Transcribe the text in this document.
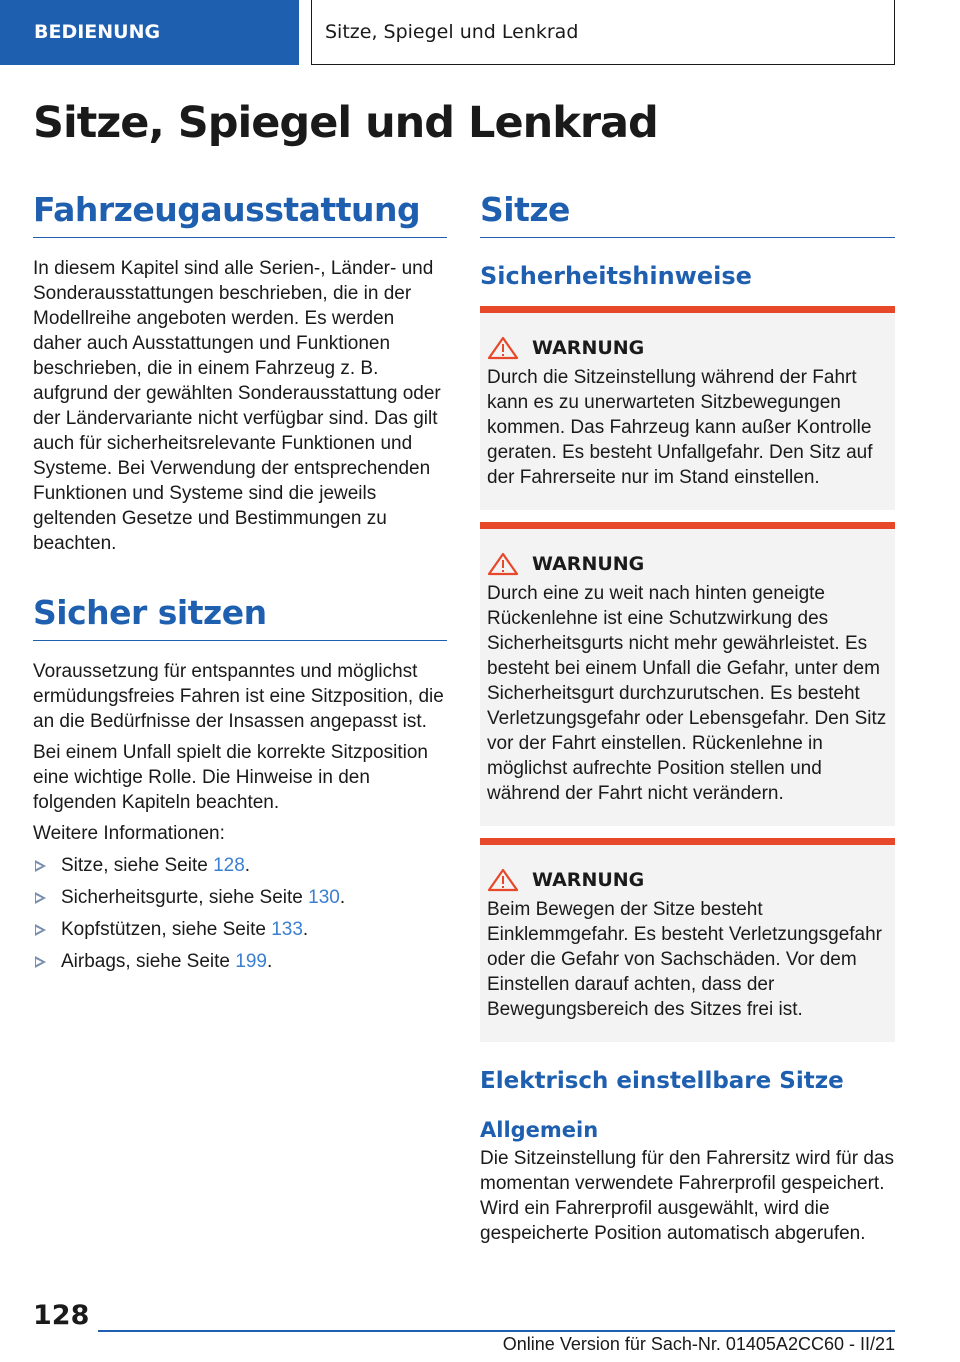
BEDIENUNG	Sitze, Spiegel und Lenkrad
Sitze, Spiegel und Lenkrad
Fahrzeugausstattung

In diesem Kapitel sind alle Serien-, Länder- und Sonderausstattungen beschrieben, die in der Modellreihe angeboten werden. Es werden daher auch Ausstattungen und Funktionen beschrieben, die in einem Fahrzeug z. B. aufgrund der gewählten Sonderausstattung oder der Ländervariante nicht verfügbar sind. Das gilt auch für sicherheitsrelevante Funktionen und Systeme. Bei Verwendung der entsprechenden Funktionen und Systeme sind die jeweils geltenden Gesetze und Bestimmungen zu beachten.

Sicher sitzen

Voraussetzung für entspanntes und möglichst ermüdungsfreies Fahren ist eine Sitzposition, die an die Bedürfnisse der Insassen angepasst ist.

Bei einem Unfall spielt die korrekte Sitzposition eine wichtige Rolle. Die Hinweise in den folgenden Kapiteln beachten.

Weitere Informationen:

Sitze, siehe Seite 128.
Sicherheitsgurte, siehe Seite 130.
Kopfstützen, siehe Seite 133.
Airbags, siehe Seite 199.
Sitze
Sicherheitshinweise
WARNUNG

Durch die Sitzeinstellung während der Fahrt kann es zu unerwarteten Sitzbewegungen kommen. Das Fahrzeug kann außer Kontrolle geraten. Es besteht Unfallgefahr. Den Sitz auf der Fahrerseite nur im Stand einstellen.

WARNUNG

Durch eine zu weit nach hinten geneigte Rückenlehne ist eine Schutzwirkung des Sicherheitsgurts nicht mehr gewährleistet. Es besteht bei einem Unfall die Gefahr, unter dem Sicherheitsgurt durchzurutschen. Es besteht Verletzungsgefahr oder Lebensgefahr. Den Sitz vor der Fahrt einstellen. Rückenlehne in möglichst aufrechte Position stellen und während der Fahrt nicht verändern.

WARNUNG

Beim Bewegen der Sitze besteht Einklemmgefahr. Es besteht Verletzungsgefahr oder die Gefahr von Sachschäden. Vor dem Einstellen darauf achten, dass der Bewegungsbereich des Sitzes frei ist.

Elektrisch einstellbare Sitze
Allgemein

Die Sitzeinstellung für den Fahrersitz wird für das momentan verwendete Fahrerprofil gespeichert. Wird ein Fahrerprofil ausgewählt, wird die gespeicherte Position automatisch abgerufen.

128
Online Version für Sach-Nr. 01405A2CC60 - II/21
